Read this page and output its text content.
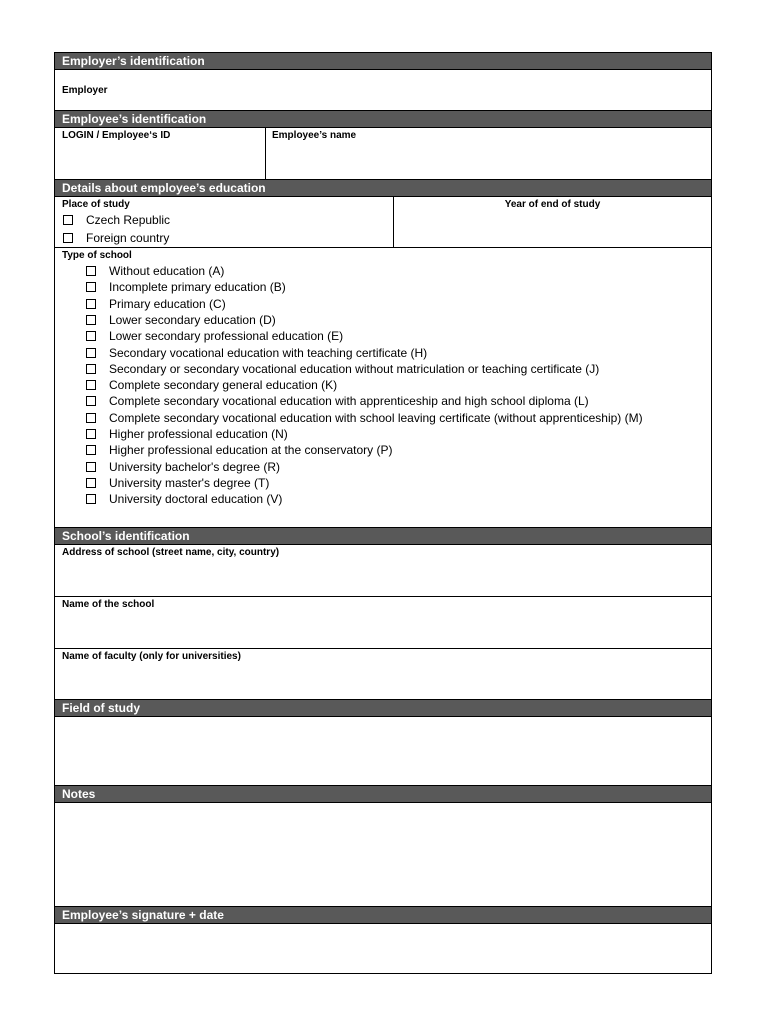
Employer’s identification
Employer
Employee’s identification
LOGIN / Employee‘s ID	Employee’s name
Details about employee’s education
Place of study
Czech Republic
Foreign country
Year of end of study
Type of school
Without education (A)
Incomplete primary education (B)
Primary education (C)
Lower secondary education (D)
Lower secondary professional education (E)
Secondary vocational education with teaching certificate (H)
Secondary or secondary vocational education without matriculation or teaching certificate (J)
Complete secondary general education (K)
Complete secondary vocational education with apprenticeship and high school diploma (L)
Complete secondary vocational education with school leaving certificate (without apprenticeship) (M)
Higher professional education (N)
Higher professional education at the conservatory (P)
University bachelor's degree (R)
University master's degree (T)
University doctoral education (V)
School’s identification
Address of school (street name, city, country)
Name of the school
Name of faculty (only for universities)
Field of study
Notes
Employee’s signature + date
